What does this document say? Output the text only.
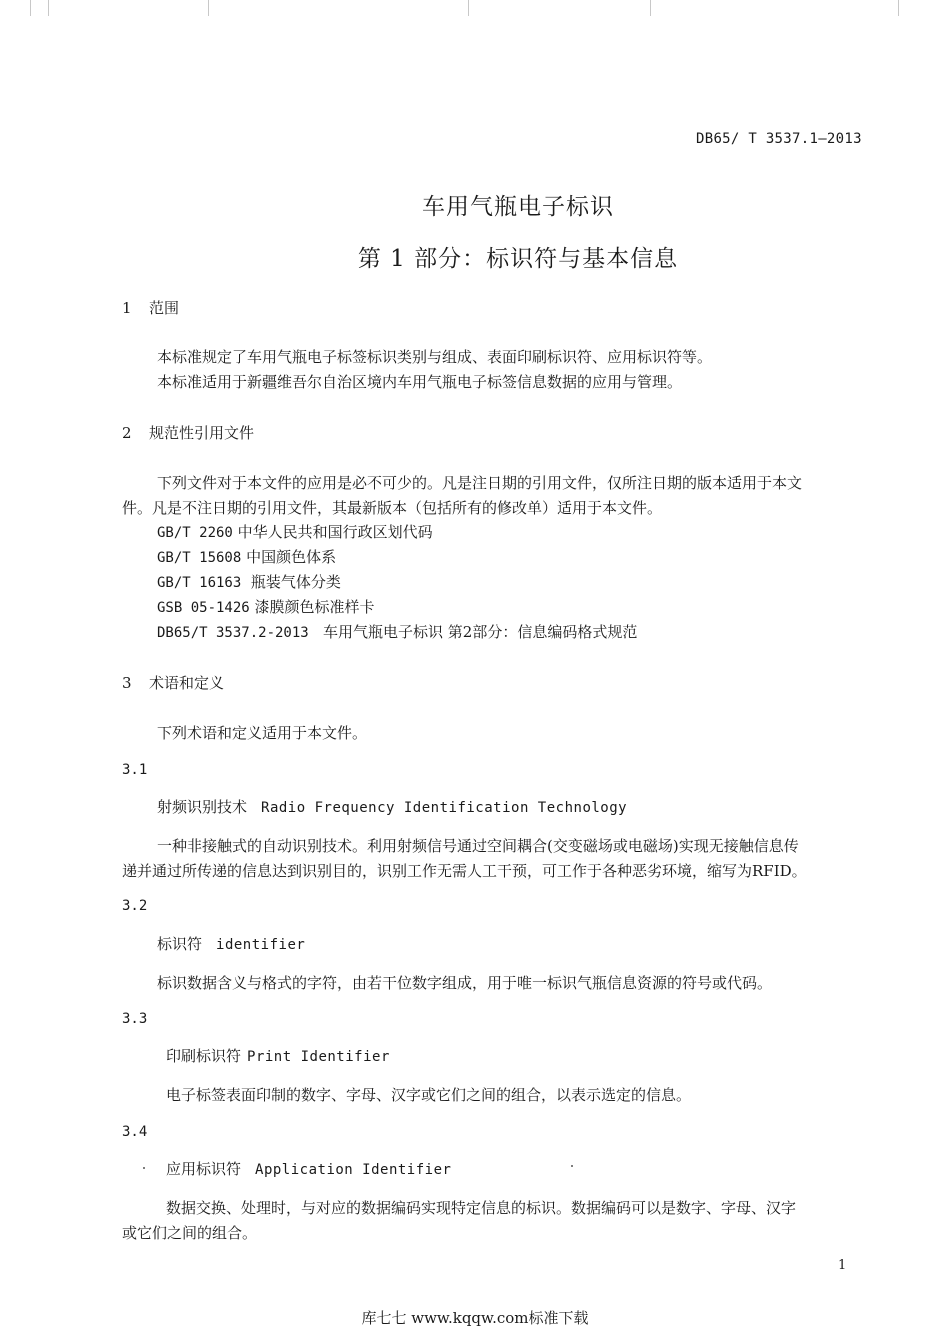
DB65/ T 3537.1—2013
车用气瓶电子标识
第 1 部分：标识符与基本信息
1 范围
本标准规定了车用气瓶电子标签标识类别与组成、表面印刷标识符、应用标识符等。
本标准适用于新疆维吾尔自治区境内车用气瓶电子标签信息数据的应用与管理。
2 规范性引用文件
下列文件对于本文件的应用是必不可少的。凡是注日期的引用文件，仅所注日期的版本适用于本文
件。凡是不注日期的引用文件，其最新版本（包括所有的修改单）适用于本文件。
GB/T 2260 中华人民共和国行政区划代码
GB/T 15608 中国颜色体系
GB/T 16163 瓶装气体分类
GSB 05-1426 漆膜颜色标准样卡
DB65/T 3537.2-2013 车用气瓶电子标识 第2部分：信息编码格式规范
3 术语和定义
下列术语和定义适用于本文件。
3.1
射频识别技术 Radio Frequency Identification Technology
一种非接触式的自动识别技术。利用射频信号通过空间耦合(交变磁场或电磁场)实现无接触信息传
递并通过所传递的信息达到识别目的，识别工作无需人工干预，可工作于各种恶劣环境，缩写为RFID。
3.2
标识符 identifier
标识数据含义与格式的字符，由若干位数字组成，用于唯一标识气瓶信息资源的符号或代码。
3.3
印刷标识符 Print Identifier
电子标签表面印制的数字、字母、汉字或它们之间的组合，以表示选定的信息。
3.4
应用标识符 Application Identifier
数据交换、处理时，与对应的数据编码实现特定信息的标识。数据编码可以是数字、字母、汉字
或它们之间的组合。
1
库七七 www.kqqw.com标准下载
